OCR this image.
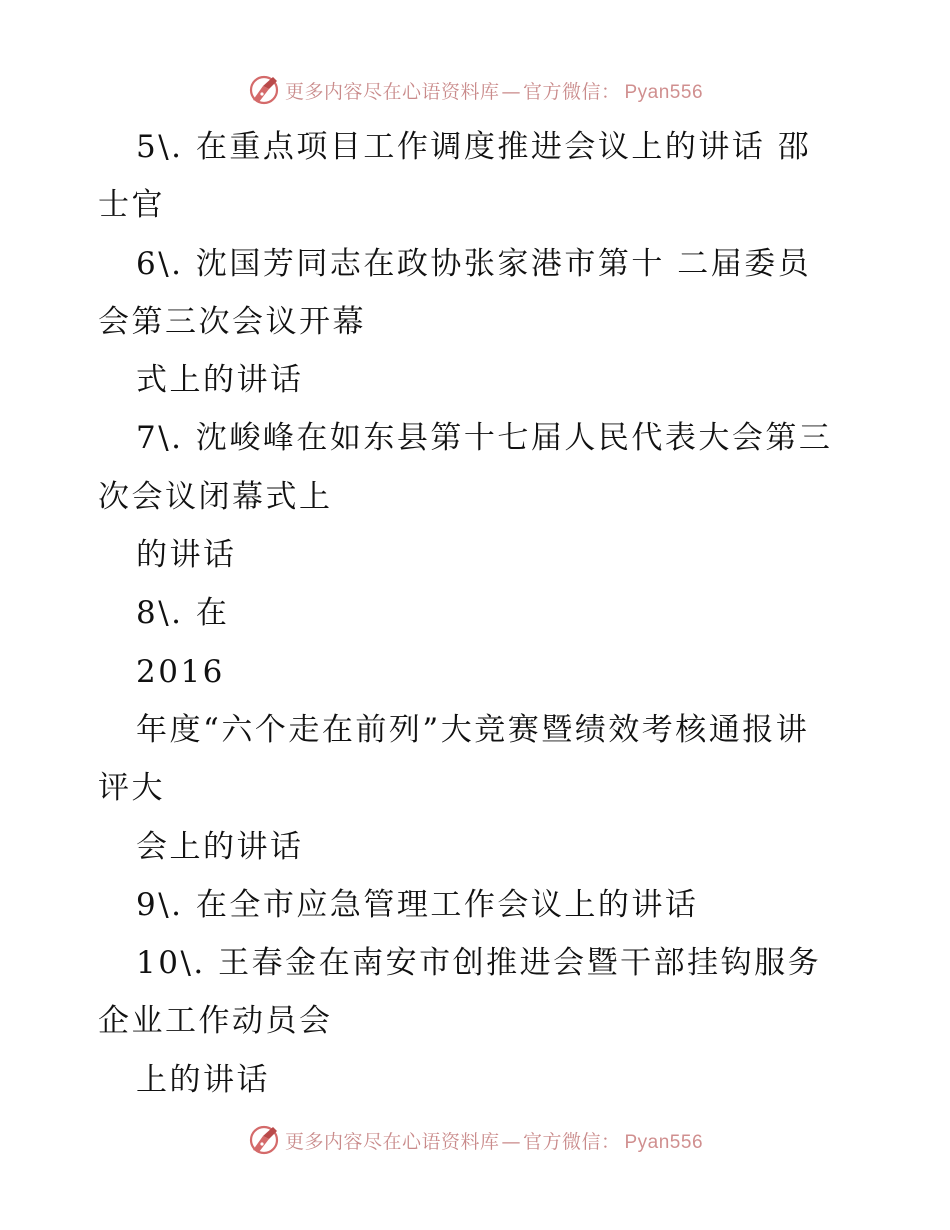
更多内容尽在心语资料库 — 官方微信： Pyan556
5\. 在重点项目工作调度推进会议上的讲话 邵
士官
6\. 沈国芳同志在政协张家港市第十 二届委员
会第三次会议开幕
式上的讲话
7\. 沈峻峰在如东县第十七届人民代表大会第三
次会议闭幕式上
的讲话
8\. 在
2016
年度“六个走在前列”大竞赛暨绩效考核通报讲
评大
会上的讲话
9\. 在全市应急管理工作会议上的讲话
10\. 王春金在南安市创推进会暨干部挂钩服务
企业工作动员会
上的讲话
更多内容尽在心语资料库 — 官方微信： Pyan556
